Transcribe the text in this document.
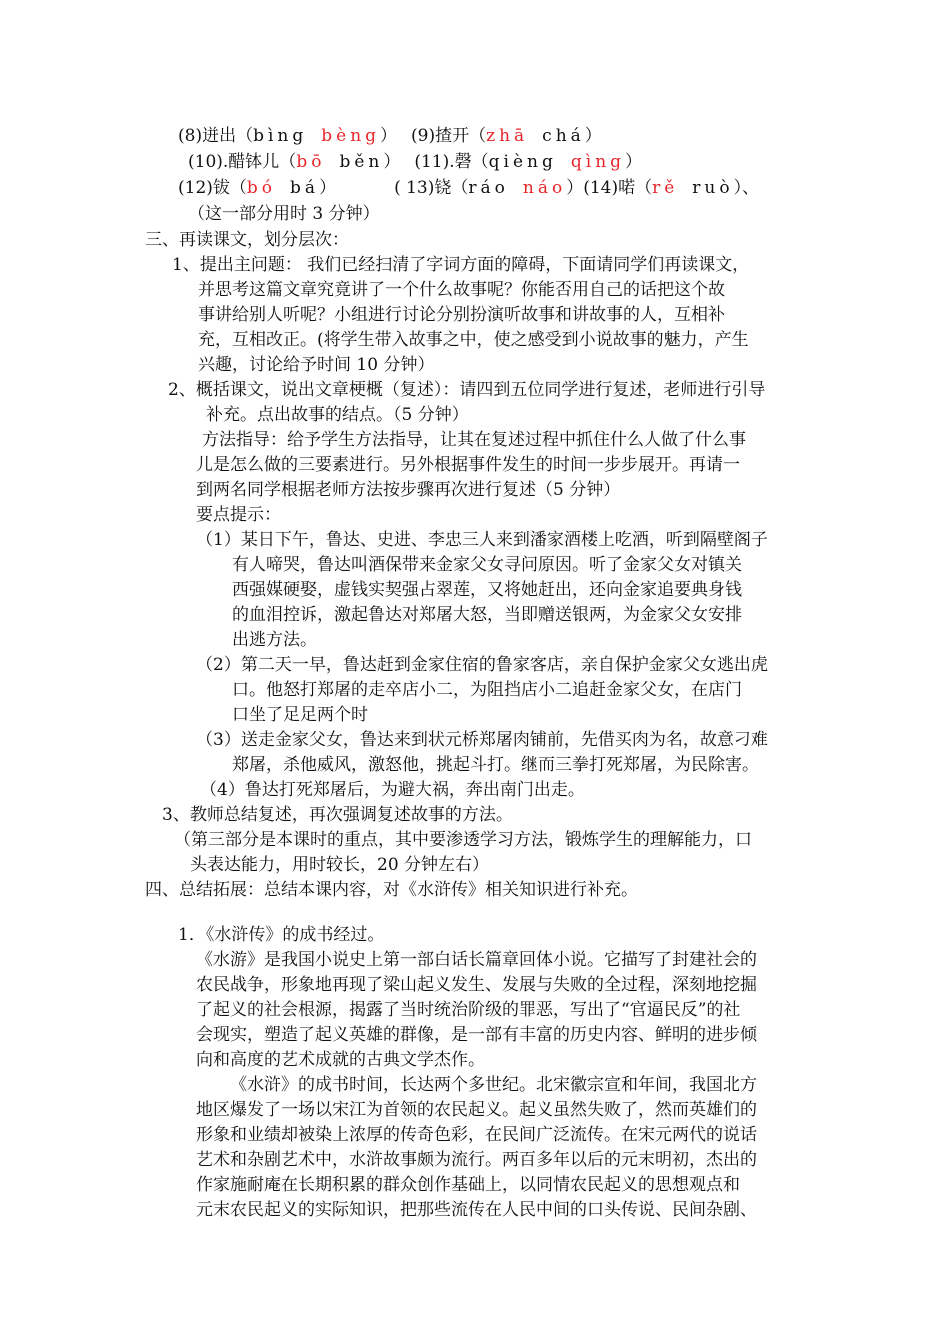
(8)迸出（bìng bèng） (9)揸开（zhā chá）
(10).醋钵儿（bō běn） (11).磬（qièng qìng）
(12)钹（bó bá）	( 13)铙（ráo náo）(14)喏（rě ruò）、
（这一部分用时 3 分钟）
三、再读课文，划分层次：
1、提出主问题： 我们已经扫清了字词方面的障碍，下面请同学们再读课文，
并思考这篇文章究竟讲了一个什么故事呢？你能否用自己的话把这个故
事讲给别人听呢？小组进行讨论分别扮演听故事和讲故事的人，互相补
充，互相改正。(将学生带入故事之中，使之感受到小说故事的魅力，产生
兴趣，讨论给予时间 10 分钟）
2、概括课文，说出文章梗概（复述）：请四到五位同学进行复述，老师进行引导
补充。点出故事的结点。（5 分钟）
方法指导：给予学生方法指导，让其在复述过程中抓住什么人做了什么事
儿是怎么做的三要素进行。另外根据事件发生的时间一步步展开。再请一
到两名同学根据老师方法按步骤再次进行复述（5 分钟）
要点提示：
（1）某日下午，鲁达、史进、李忠三人来到潘家酒楼上吃酒，听到隔壁阁子
有人啼哭，鲁达叫酒保带来金家父女寻问原因。听了金家父女对镇关
西强媒硬娶，虚钱实契强占翠莲，又将她赶出，还向金家追要典身钱
的血泪控诉，激起鲁达对郑屠大怒，当即赠送银两，为金家父女安排
出逃方法。
（2）第二天一早，鲁达赶到金家住宿的鲁家客店，亲自保护金家父女逃出虎
口。他怒打郑屠的走卒店小二，为阻挡店小二追赶金家父女，在店门
口坐了足足两个时
（3）送走金家父女，鲁达来到状元桥郑屠肉铺前，先借买肉为名，故意刁难
郑屠，杀他威风，激怒他，挑起斗打。继而三拳打死郑屠，为民除害。
（4）鲁达打死郑屠后，为避大祸，奔出南门出走。
3、教师总结复述，再次强调复述故事的方法。
（第三部分是本课时的重点，其中要渗透学习方法，锻炼学生的理解能力，口
头表达能力，用时较长，20 分钟左右）
四、总结拓展：总结本课内容，对《水浒传》相关知识进行补充。
1．《水浒传》的成书经过。
《水游》是我国小说史上第一部白话长篇章回体小说。它描写了封建社会的
农民战争，形象地再现了梁山起义发生、发展与失败的全过程，深刻地挖掘
了起义的社会根源，揭露了当时统治阶级的罪恶，写出了“官逼民反”的社
会现实，塑造了起义英雄的群像，是一部有丰富的历史内容、鲜明的进步倾
向和高度的艺术成就的古典文学杰作。
《水浒》的成书时间，长达两个多世纪。北宋徽宗宣和年间，我国北方
地区爆发了一场以宋江为首领的农民起义。起义虽然失败了，然而英雄们的
形象和业绩却被染上浓厚的传奇色彩，在民间广泛流传。在宋元两代的说话
艺术和杂剧艺术中，水浒故事颇为流行。两百多年以后的元末明初，杰出的
作家施耐庵在长期积累的群众创作基础上，以同情农民起义的思想观点和
元末农民起义的实际知识，把那些流传在人民中间的口头传说、民间杂剧、
